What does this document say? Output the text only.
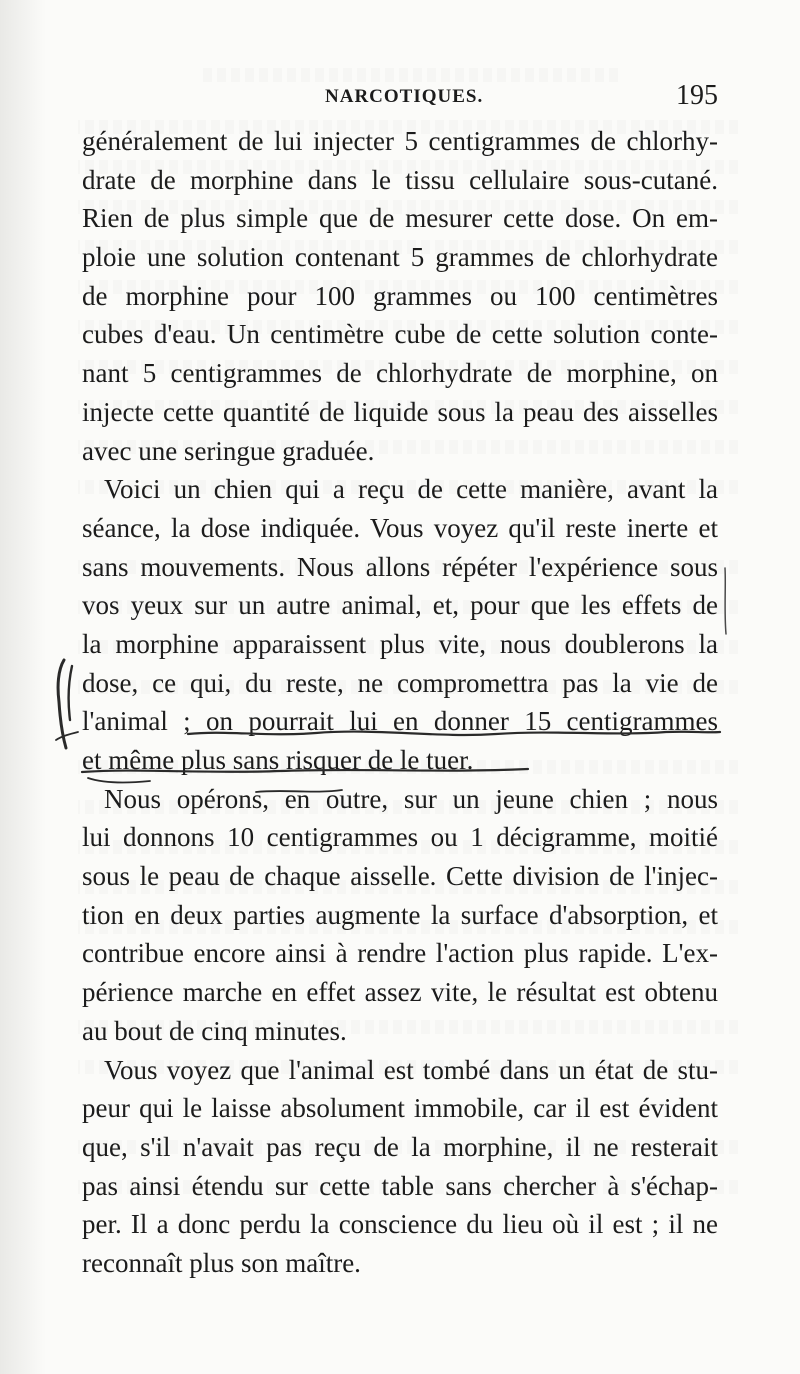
NARCOTIQUES.	195
généralement de lui injecter 5 centigrammes de chlorhy-
drate de morphine dans le tissu cellulaire sous-cutané.
Rien de plus simple que de mesurer cette dose. On em-
ploie une solution contenant 5 grammes de chlorhydrate
de morphine pour 100 grammes ou 100 centimètres
cubes d'eau. Un centimètre cube de cette solution conte-
nant 5 centigrammes de chlorhydrate de morphine, on
injecte cette quantité de liquide sous la peau des aisselles
avec une seringue graduée.
Voici un chien qui a reçu de cette manière, avant la
séance, la dose indiquée. Vous voyez qu'il reste inerte et
sans mouvements. Nous allons répéter l'expérience sous
vos yeux sur un autre animal, et, pour que les effets de
la morphine apparaissent plus vite, nous doublerons la
dose, ce qui, du reste, ne compromettra pas la vie de
l'animal ; on pourrait lui en donner 15 centigrammes
et même plus sans risquer de le tuer.
Nous opérons, en outre, sur un jeune chien ; nous
lui donnons 10 centigrammes ou 1 décigramme, moitié
sous le peau de chaque aisselle. Cette division de l'injec-
tion en deux parties augmente la surface d'absorption, et
contribue encore ainsi à rendre l'action plus rapide. L'ex-
périence marche en effet assez vite, le résultat est obtenu
au bout de cinq minutes.
Vous voyez que l'animal est tombé dans un état de stu-
peur qui le laisse absolument immobile, car il est évident
que, s'il n'avait pas reçu de la morphine, il ne resterait
pas ainsi étendu sur cette table sans chercher à s'échap-
per. Il a donc perdu la conscience du lieu où il est ; il ne
reconnaît plus son maître.
